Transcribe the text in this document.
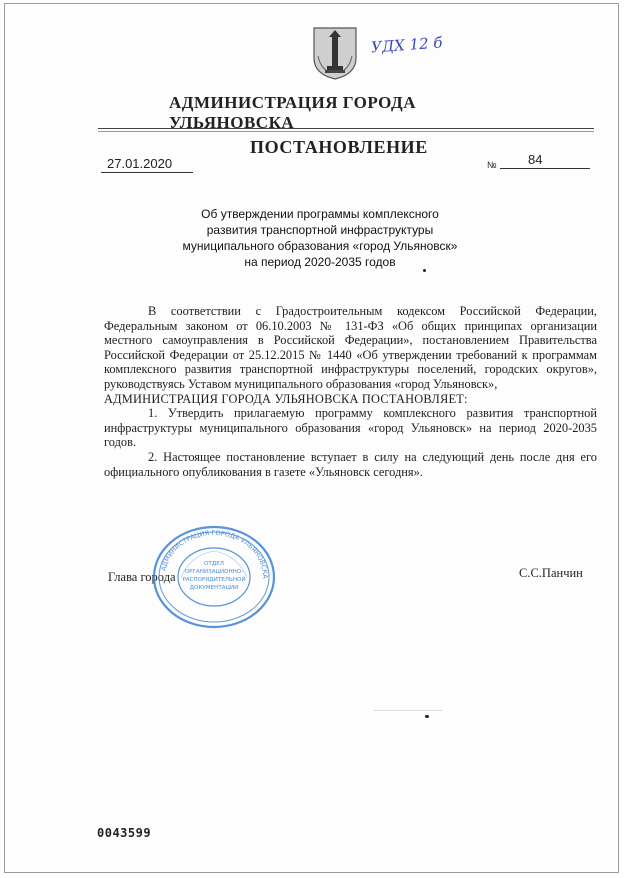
УДХ 12 б
АДМИНИСТРАЦИЯ ГОРОДА УЛЬЯНОВСКА
ПОСТАНОВЛЕНИЕ
27.01.2020	№ 84
Об утверждении программы комплексного
развития транспортной инфраструктуры
муниципального образования «город Ульяновск»
на период 2020-2035 годов

В соответствии с Градостроительным кодексом Российской Федерации, Федеральным законом от 06.10.2003 № 131-ФЗ «Об общих принципах организации местного самоуправления в Российской Федерации», постановлением Правительства Российской Федерации от 25.12.2015 № 1440 «Об утверждении требований к программам комплексного развития транспортной инфраструктуры поселений, городских округов», руководствуясь Уставом муниципального образования «город Ульяновск»,

АДМИНИСТРАЦИЯ ГОРОДА УЛЬЯНОВСКА ПОСТАНОВЛЯЕТ:

1. Утвердить прилагаемую программу комплексного развития транспортной инфраструктуры муниципального образования «город Ульяновск» на период 2020-2035 годов.

2. Настоящее постановление вступает в силу на следующий день после дня его официального опубликования в газете «Ульяновск сегодня».

Глава города	С.С.Панчин
АДМИНИСТРАЦИЯ ГОРОДА УЛЬЯНОВСКА
ОТДЕЛ
ОРГАНИЗАЦИОННО-
РАСПОРЯДИТЕЛЬНОЙ
ДОКУМЕНТАЦИИ
0043599
